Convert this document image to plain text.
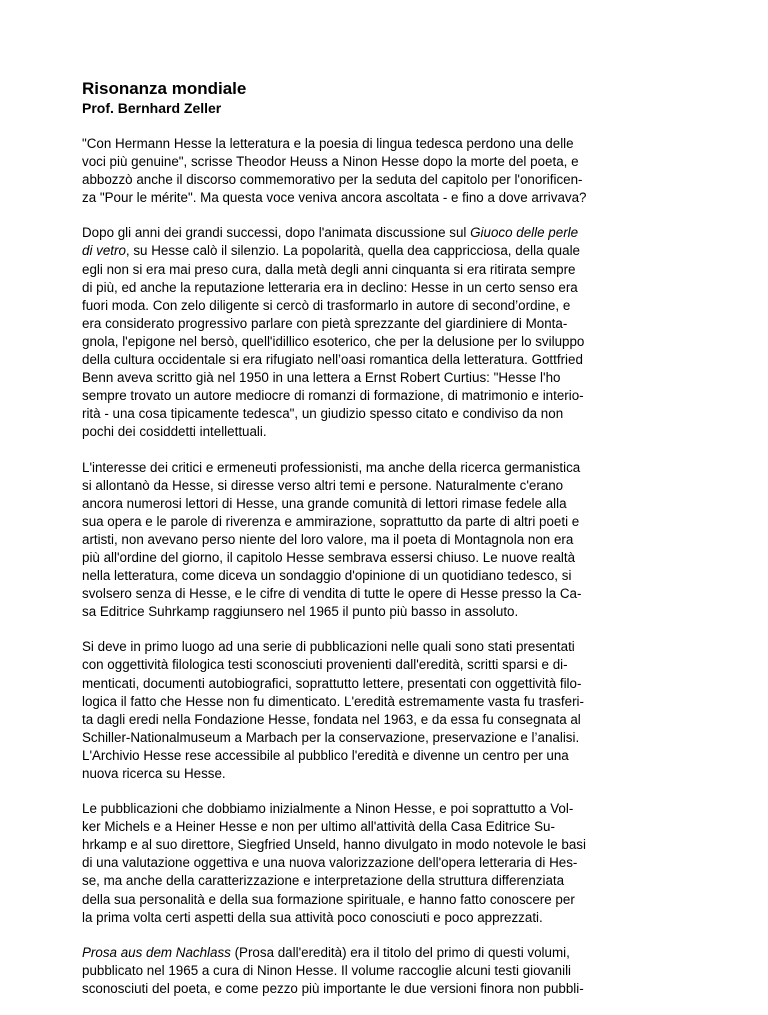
Risonanza mondiale
Prof. Bernhard Zeller
"Con Hermann Hesse la letteratura e la poesia di lingua tedesca perdono una delle
voci più genuine", scrisse Theodor Heuss a Ninon Hesse dopo la morte del poeta, e
abbozzò anche il discorso commemorativo per la seduta del capitolo per l'onorificen-
za "Pour le mérite". Ma questa voce veniva ancora ascoltata - e fino a dove arrivava?
Dopo gli anni dei grandi successi, dopo l'animata discussione sul Giuoco delle perle
di vetro, su Hesse calò il silenzio. La popolarità, quella dea cappricciosa, della quale
egli non si era mai preso cura, dalla metà degli anni cinquanta si era ritirata sempre
di più, ed anche la reputazione letteraria era in declino: Hesse in un certo senso era
fuori moda. Con zelo diligente si cercò di trasformarlo in autore di second’ordine, e
era considerato progressivo parlare con pietà sprezzante del giardiniere di Monta-
gnola, l'epigone nel bersò, quell'idillico esoterico, che per la delusione per lo sviluppo
della cultura occidentale si era rifugiato nell’oasi romantica della letteratura. Gottfried
Benn aveva scritto già nel 1950 in una lettera a Ernst Robert Curtius: "Hesse l'ho
sempre trovato un autore mediocre di romanzi di formazione, di matrimonio e interio-
rità - una cosa tipicamente tedesca", un giudizio spesso citato e condiviso da non
pochi dei cosiddetti intellettuali.
L'interesse dei critici e ermeneuti professionisti, ma anche della ricerca germanistica
si allontanò da Hesse, si diresse verso altri temi e persone. Naturalmente c'erano
ancora numerosi lettori di Hesse, una grande comunità di lettori rimase fedele alla
sua opera e le parole di riverenza e ammirazione, soprattutto da parte di altri poeti e
artisti, non avevano perso niente del loro valore, ma il poeta di Montagnola non era
più all'ordine del giorno, il capitolo Hesse sembrava essersi chiuso. Le nuove realtà
nella letteratura, come diceva un sondaggio d'opinione di un quotidiano tedesco, si
svolsero senza di Hesse, e le cifre di vendita di tutte le opere di Hesse presso la Ca-
sa Editrice Suhrkamp raggiunsero nel 1965 il punto più basso in assoluto.
Si deve in primo luogo ad una serie di pubblicazioni nelle quali sono stati presentati
con oggettività filologica testi sconosciuti provenienti dall'eredità, scritti sparsi e di-
menticati, documenti autobiografici, soprattutto lettere, presentati con oggettività filo-
logica il fatto che Hesse non fu dimenticato. L'eredità estremamente vasta fu trasferi-
ta dagli eredi nella Fondazione Hesse, fondata nel 1963, e da essa fu consegnata al
Schiller-Nationalmuseum a Marbach per la conservazione, preservazione e l’analisi.
L'Archivio Hesse rese accessibile al pubblico l'eredità e divenne un centro per una
nuova ricerca su Hesse.
Le pubblicazioni che dobbiamo inizialmente a Ninon Hesse, e poi soprattutto a Vol-
ker Michels e a Heiner Hesse e non per ultimo all'attività della Casa Editrice Su-
hrkamp e al suo direttore, Siegfried Unseld, hanno divulgato in modo notevole le basi
di una valutazione oggettiva e una nuova valorizzazione dell'opera letteraria di Hes-
se, ma anche della caratterizzazione e interpretazione della struttura differenziata
della sua personalità e della sua formazione spirituale, e hanno fatto conoscere per
la prima volta certi aspetti della sua attività poco conosciuti e poco apprezzati.
Prosa aus dem Nachlass (Prosa dall'eredità) era il titolo del primo di questi volumi,
pubblicato nel 1965 a cura di Ninon Hesse. Il volume raccoglie alcuni testi giovanili
sconosciuti del poeta, e come pezzo più importante le due versioni finora non pubbli-
